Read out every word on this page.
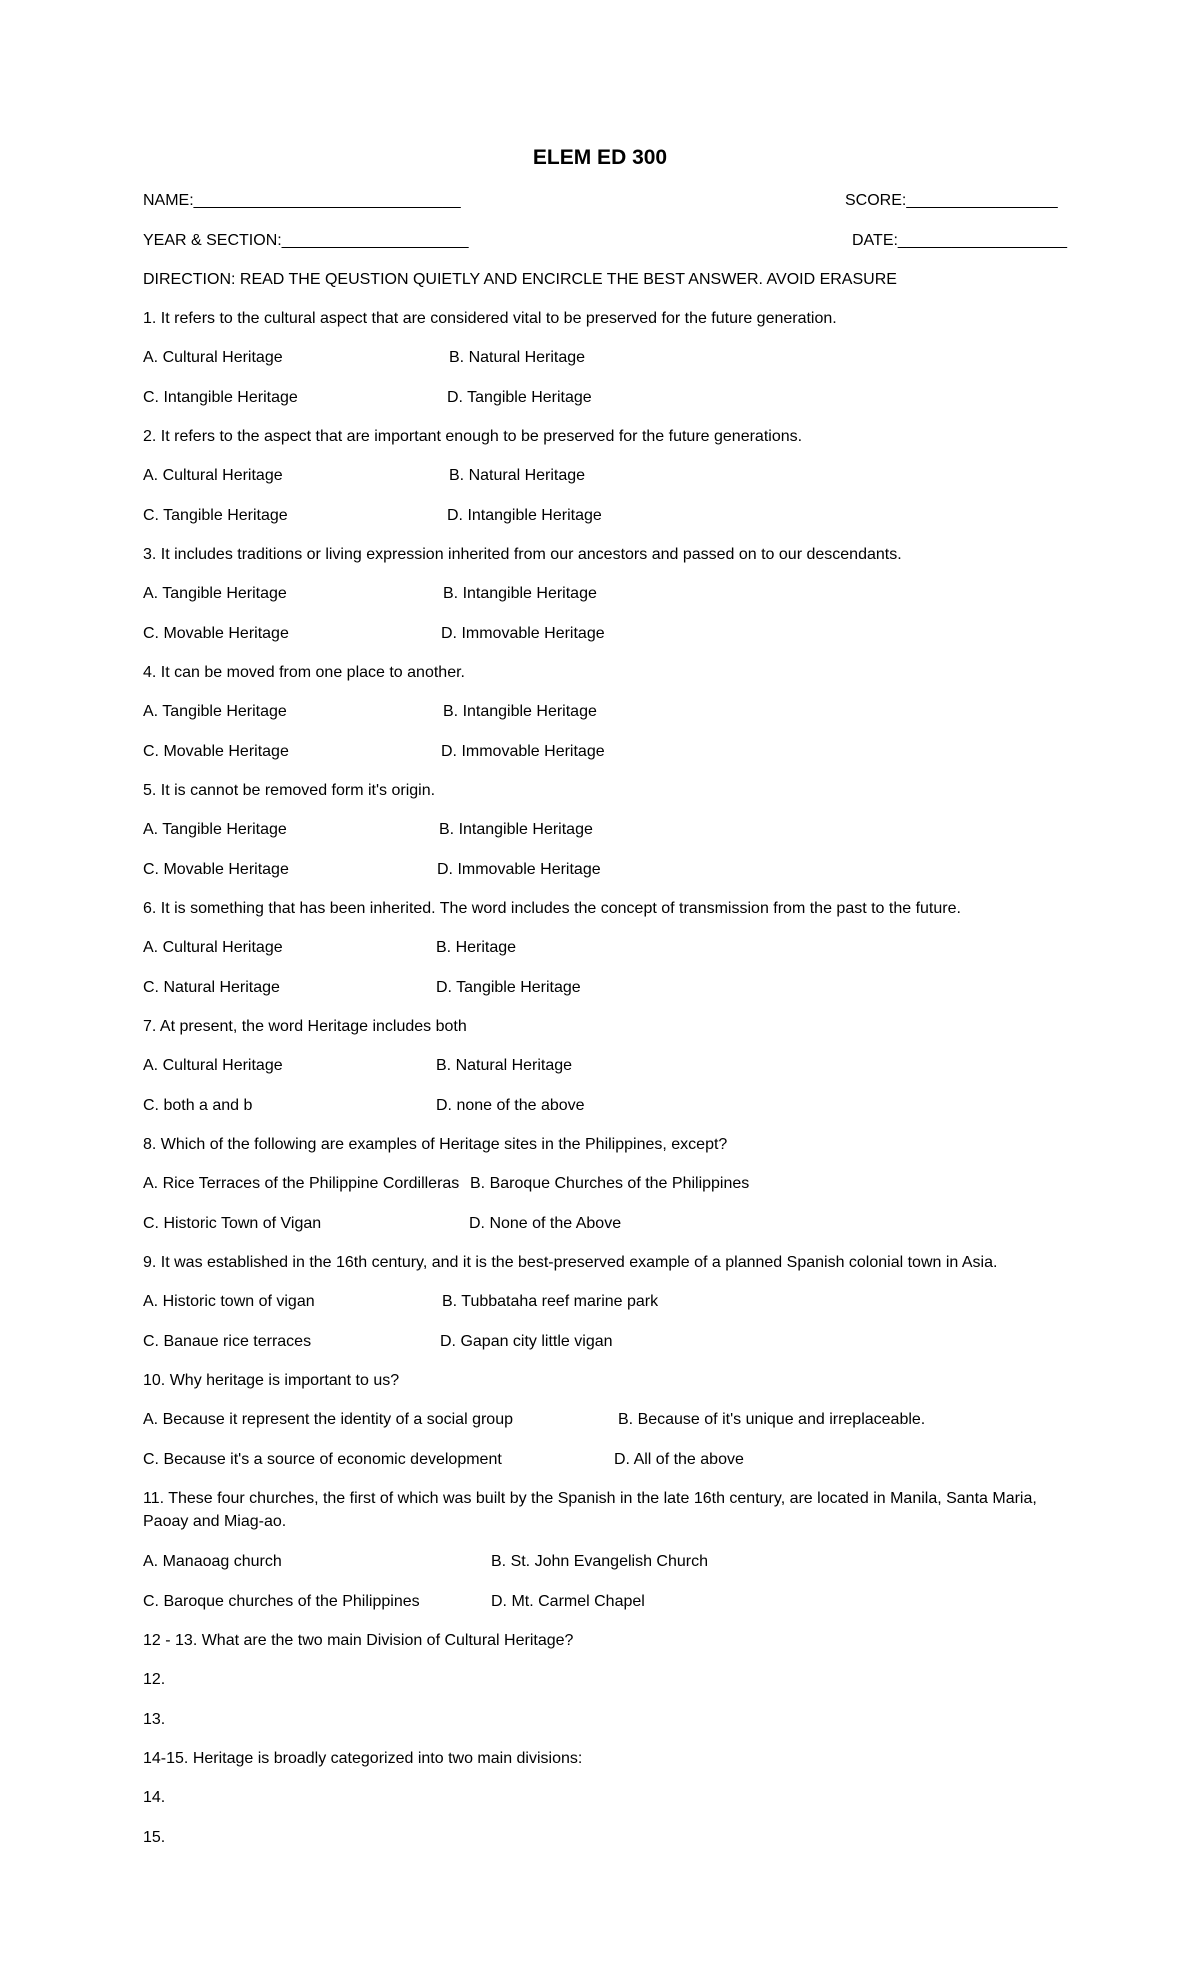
ELEM ED 300
NAME:______________________________	SCORE:_________________
YEAR & SECTION:_____________________	DATE:___________________
DIRECTION: READ THE QEUSTION QUIETLY AND ENCIRCLE THE BEST ANSWER. AVOID ERASURE
1. It refers to the cultural aspect that are considered vital to be preserved for the future generation.
A. Cultural Heritage	B. Natural Heritage
C. Intangible Heritage	D. Tangible Heritage
2. It refers to the aspect that are important enough to be preserved for the future generations.
A. Cultural Heritage	B. Natural Heritage
C. Tangible Heritage	D. Intangible Heritage
3. It includes traditions or living expression inherited from our ancestors and passed on to our descendants.
A. Tangible Heritage	B. Intangible Heritage
C. Movable Heritage	D. Immovable Heritage
4. It can be moved from one place to another.
A. Tangible Heritage	B. Intangible Heritage
C. Movable Heritage	D. Immovable Heritage
5. It is cannot be removed form it's origin.
A. Tangible Heritage	B. Intangible Heritage
C. Movable Heritage	D. Immovable Heritage
6. It is something that has been inherited. The word includes the concept of transmission from the past to the future.
A. Cultural Heritage	B. Heritage
C. Natural Heritage	D. Tangible Heritage
7. At present, the word Heritage includes both
A. Cultural Heritage	B. Natural Heritage
C. both a and b	D. none of the above
8. Which of the following are examples of Heritage sites in the Philippines, except?
A. Rice Terraces of the Philippine Cordilleras B. Baroque Churches of the Philippines
C. Historic Town of Vigan	D. None of the Above
9. It was established in the 16th century, and it is the best-preserved example of a planned Spanish colonial town in Asia.
A. Historic town of vigan	B. Tubbataha reef marine park
C. Banaue rice terraces	D. Gapan city little vigan
10. Why heritage is important to us?
A. Because it represent the identity of a social group	B. Because of it's unique and irreplaceable.
C. Because it's a source of economic development	D. All of the above
11. These four churches, the first of which was built by the Spanish in the late 16th century, are located in Manila, Santa Maria, Paoay and Miag-ao.
A. Manaoag church	B. St. John Evangelish Church
C. Baroque churches of the Philippines	D. Mt. Carmel Chapel
12 - 13. What are the two main Division of Cultural Heritage?
12.
13.
14-15. Heritage is broadly categorized into two main divisions:
14.
15.
